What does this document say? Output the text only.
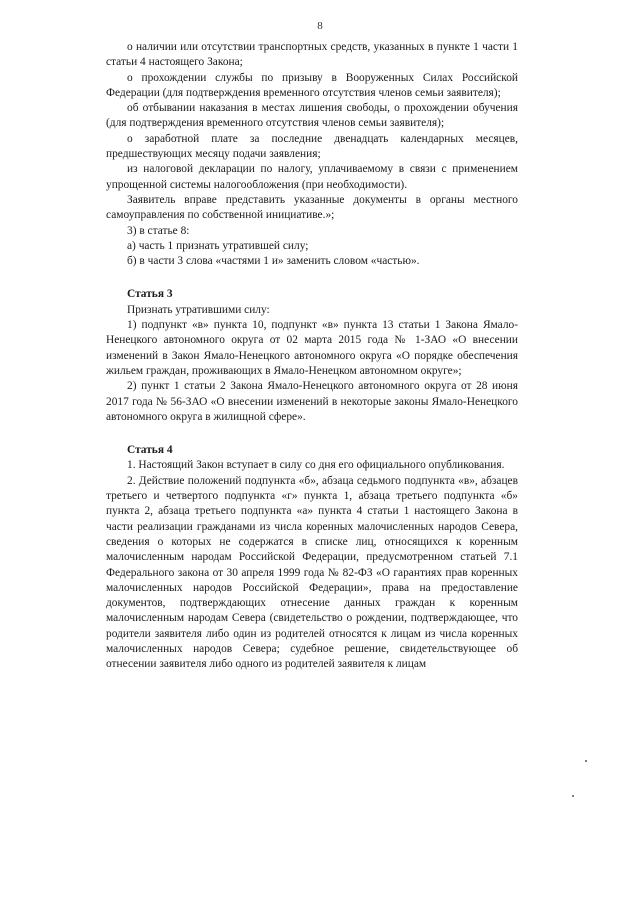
8

о наличии или отсутствии транспортных средств, указанных в пункте 1 части 1 статьи 4 настоящего Закона;

о прохождении службы по призыву в Вооруженных Силах Российской Федерации (для подтверждения временного отсутствия членов семьи заявителя);

об отбывании наказания в местах лишения свободы, о прохождении обучения (для подтверждения временного отсутствия членов семьи заявителя);

о заработной плате за последние двенадцать календарных месяцев, предшествующих месяцу подачи заявления;

из налоговой декларации по налогу, уплачиваемому в связи с применением упрощенной системы налогообложения (при необходимости).

Заявитель вправе представить указанные документы в органы местного самоуправления по собственной инициативе.»;

3) в статье 8:

а) часть 1 признать утратившей силу;

б) в части 3 слова «частями 1 и» заменить словом «частью».

Статья 3

Признать утратившими силу:

1) подпункт «в» пункта 10, подпункт «в» пункта 13 статьи 1 Закона Ямало-Ненецкого автономного округа от 02 марта 2015 года № 1-ЗАО «О внесении изменений в Закон Ямало-Ненецкого автономного округа «О порядке обеспечения жильем граждан, проживающих в Ямало-Ненецком автономном округе»;

2) пункт 1 статьи 2 Закона Ямало-Ненецкого автономного округа от 28 июня 2017 года № 56-ЗАО «О внесении изменений в некоторые законы Ямало-Ненецкого автономного округа в жилищной сфере».

Статья 4

1. Настоящий Закон вступает в силу со дня его официального опубликования.

2. Действие положений подпункта «б», абзаца седьмого подпункта «в», абзацев третьего и четвертого подпункта «г» пункта 1, абзаца третьего подпункта «б» пункта 2, абзаца третьего подпункта «а» пункта 4 статьи 1 настоящего Закона в части реализации гражданами из числа коренных малочисленных народов Севера, сведения о которых не содержатся в списке лиц, относящихся к коренным малочисленным народам Российской Федерации, предусмотренном статьей 7.1 Федерального закона от 30 апреля 1999 года № 82-ФЗ «О гарантиях прав коренных малочисленных народов Российской Федерации», права на предоставление документов, подтверждающих отнесение данных граждан к коренным малочисленным народам Севера (свидетельство о рождении, подтверждающее, что родители заявителя либо один из родителей относятся к лицам из числа коренных малочисленных народов Севера; судебное решение, свидетельствующее об отнесении заявителя либо одного из родителей заявителя к лицам
